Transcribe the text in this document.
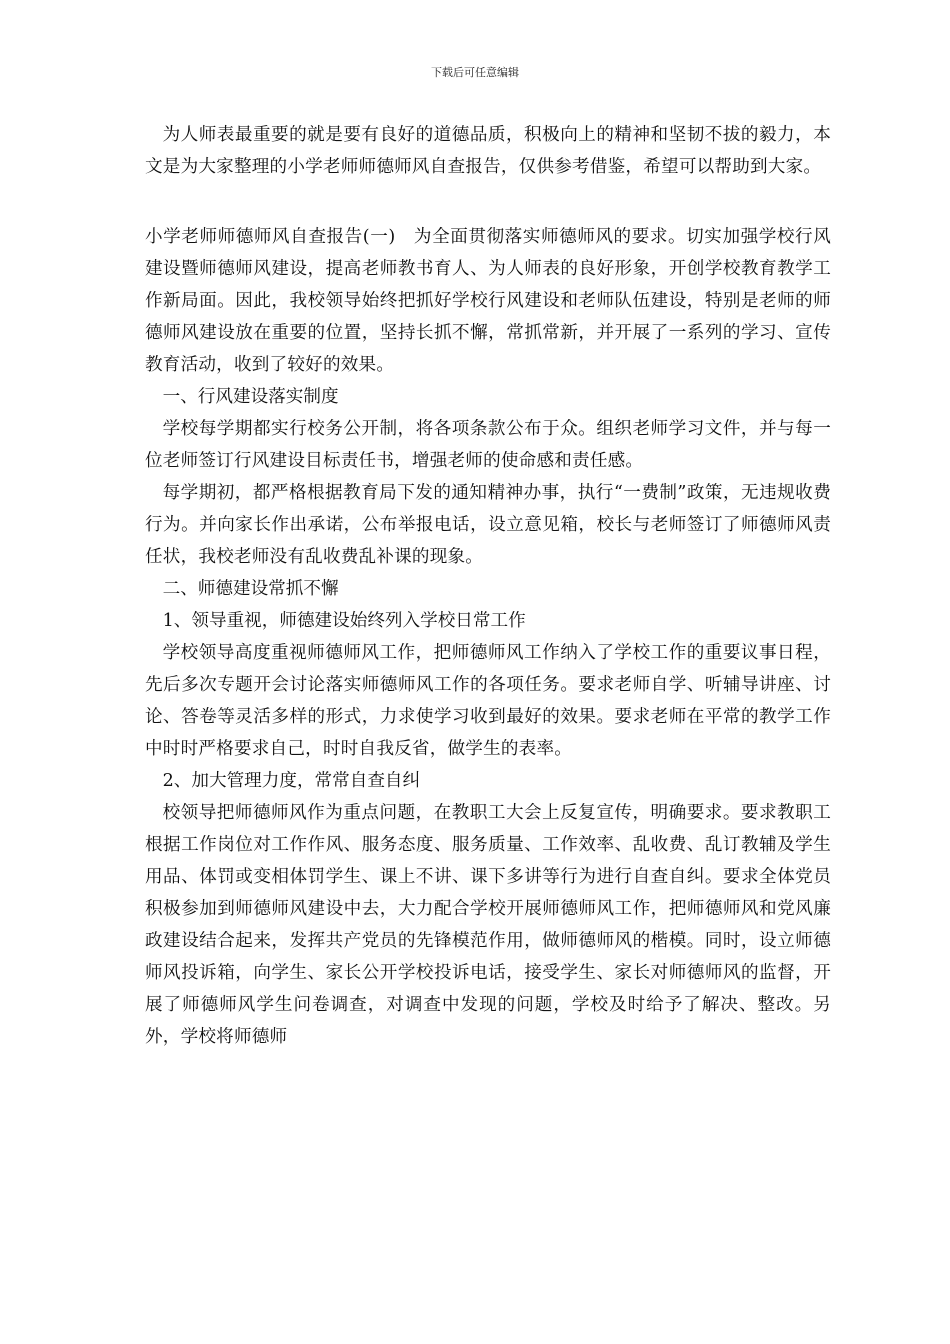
下载后可任意编辑

为人师表最重要的就是要有良好的道德品质，积极向上的精神和坚韧不拔的毅力，本文是为大家整理的小学老师师德师风自查报告，仅供参考借鉴，希望可以帮助到大家。

小学老师师德师风自查报告(一)　为全面贯彻落实师德师风的要求。切实加强学校行风建设暨师德师风建设，提高老师教书育人、为人师表的良好形象，开创学校教育教学工作新局面。因此，我校领导始终把抓好学校行风建设和老师队伍建设，特别是老师的师德师风建设放在重要的位置，坚持长抓不懈，常抓常新，并开展了一系列的学习、宣传教育活动，收到了较好的效果。

一、行风建设落实制度

学校每学期都实行校务公开制，将各项条款公布于众。组织老师学习文件，并与每一位老师签订行风建设目标责任书，增强老师的使命感和责任感。

每学期初，都严格根据教育局下发的通知精神办事，执行“一费制”政策，无违规收费行为。并向家长作出承诺，公布举报电话，设立意见箱，校长与老师签订了师德师风责任状，我校老师没有乱收费乱补课的现象。

二、师德建设常抓不懈

1、领导重视，师德建设始终列入学校日常工作

学校领导高度重视师德师风工作，把师德师风工作纳入了学校工作的重要议事日程，先后多次专题开会讨论落实师德师风工作的各项任务。要求老师自学、听辅导讲座、讨论、答卷等灵活多样的形式，力求使学习收到最好的效果。要求老师在平常的教学工作中时时严格要求自己，时时自我反省，做学生的表率。

2、加大管理力度，常常自查自纠

校领导把师德师风作为重点问题，在教职工大会上反复宣传，明确要求。要求教职工根据工作岗位对工作作风、服务态度、服务质量、工作效率、乱收费、乱订教辅及学生用品、体罚或变相体罚学生、课上不讲、课下多讲等行为进行自查自纠。要求全体党员积极参加到师德师风建设中去，大力配合学校开展师德师风工作，把师德师风和党风廉政建设结合起来，发挥共产党员的先锋模范作用，做师德师风的楷模。同时，设立师德师风投诉箱，向学生、家长公开学校投诉电话，接受学生、家长对师德师风的监督，开展了师德师风学生问卷调查，对调查中发现的问题，学校及时给予了解决、整改。另外，学校将师德师
